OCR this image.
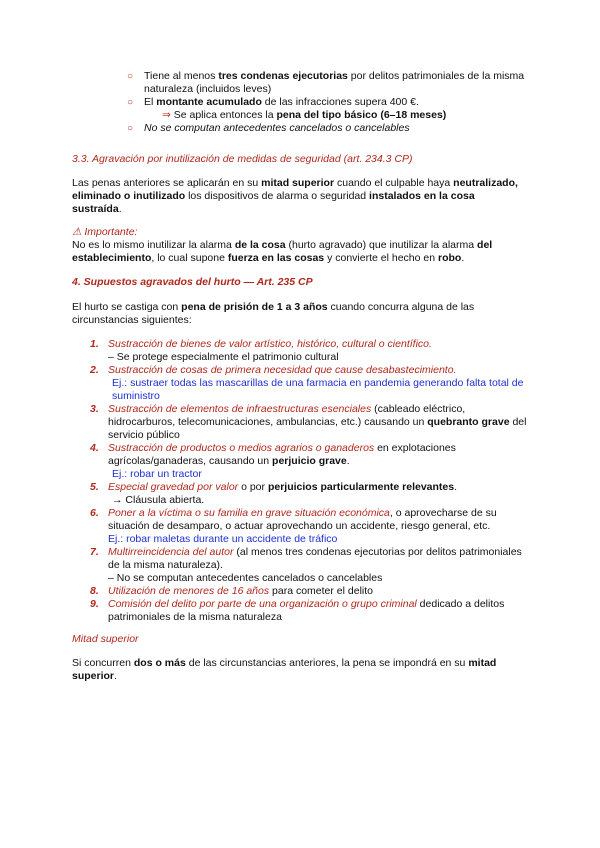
○ Tiene al menos tres condenas ejecutorias por delitos patrimoniales de la misma naturaleza (incluidos leves)
○ El montante acumulado de las infracciones supera 400 €.
⇒ Se aplica entonces la pena del tipo básico (6–18 meses)
○ No se computan antecedentes cancelados o cancelables
3.3. Agravación por inutilización de medidas de seguridad (art. 234.3 CP)
Las penas anteriores se aplicarán en su mitad superior cuando el culpable haya neutralizado, eliminado o inutilizado los dispositivos de alarma o seguridad instalados en la cosa sustraída.
⚠ Importante:
No es lo mismo inutilizar la alarma de la cosa (hurto agravado) que inutilizar la alarma del establecimiento, lo cual supone fuerza en las cosas y convierte el hecho en robo.
4. Supuestos agravados del hurto — Art. 235 CP
El hurto se castiga con pena de prisión de 1 a 3 años cuando concurra alguna de las circunstancias siguientes:
1. Sustracción de bienes de valor artístico, histórico, cultural o científico.
– Se protege especialmente el patrimonio cultural
2. Sustracción de cosas de primera necesidad que cause desabastecimiento.
Ej.: sustraer todas las mascarillas de una farmacia en pandemia generando falta total de suministro
3. Sustracción de elementos de infraestructuras esenciales (cableado eléctrico, hidrocarburos, telecomunicaciones, ambulancias, etc.) causando un quebranto grave del servicio público
4. Sustracción de productos o medios agrarios o ganaderos en explotaciones agrícolas/ganaderas, causando un perjuicio grave.
Ej.: robar un tractor
5. Especial gravedad por valor o por perjuicios particularmente relevantes.
→ Cláusula abierta.
6. Poner a la víctima o su familia en grave situación económica, o aprovecharse de su situación de desamparo, o actuar aprovechando un accidente, riesgo general, etc.
Ej.: robar maletas durante un accidente de tráfico
7. Multirreincidencia del autor (al menos tres condenas ejecutorias por delitos patrimoniales de la misma naturaleza).
– No se computan antecedentes cancelados o cancelables
8. Utilización de menores de 16 años para cometer el delito
9. Comisión del delito por parte de una organización o grupo criminal dedicado a delitos patrimoniales de la misma naturaleza
Mitad superior
Si concurren dos o más de las circunstancias anteriores, la pena se impondrá en su mitad superior.
